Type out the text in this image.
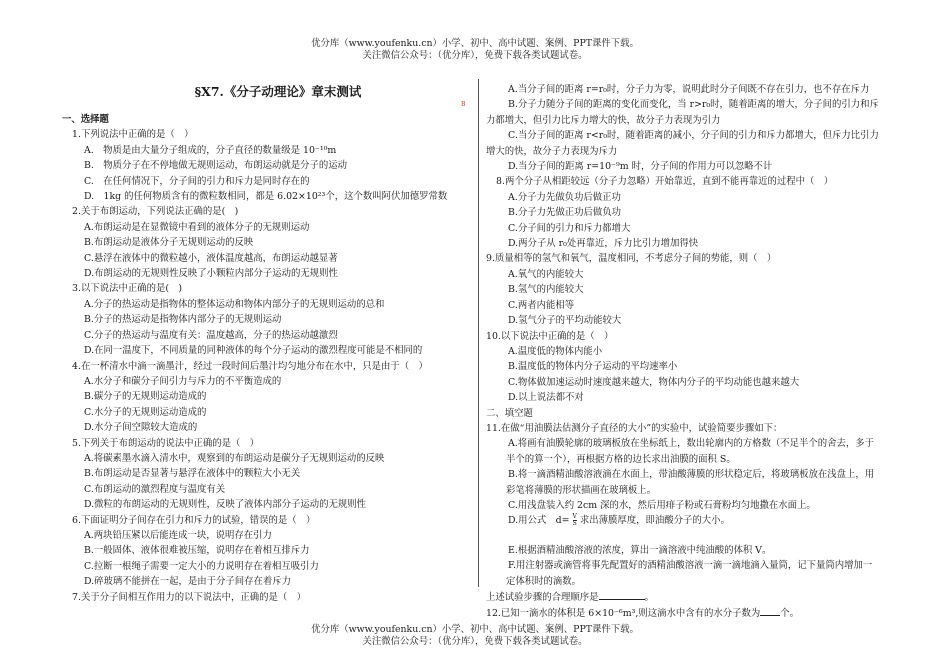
优分库（www.youfenku.cn）小学、初中、高中试题、案例、PPT课件下载。
关注微信公众号：（优分库），免费下载各类试题试卷。
B
§X7.《分子动理论》章末测试
一、选择题
1.下列说法中正确的是（　）
A.　物质是由大量分子组成的，分子直径的数量级是 10⁻¹⁰m
B.　物质分子在不停地做无规则运动，布朗运动就是分子的运动
C.　在任何情况下，分子间的引力和斥力是同时存在的
D.　1kg 的任何物质含有的微粒数相同，都是 6.02×10²³个，这个数叫阿伏加德罗常数
2.关于布朗运动，下列说法正确的是(　)
A.布朗运动是在显微镜中看到的液体分子的无规则运动
B.布朗运动是液体分子无规则运动的反映
C.悬浮在液体中的微粒越小，液体温度越高，布朗运动越显著
D.布朗运动的无规则性反映了小颗粒内部分子运动的无规则性
3.以下说法中正确的是(　)
A.分子的热运动是指物体的整体运动和物体内部分子的无规则运动的总和
B.分子的热运动是指物体内部分子的无规则运动
C.分子的热运动与温度有关：温度越高，分子的热运动越激烈
D.在同一温度下，不同质量的同种液体的每个分子运动的激烈程度可能是不相同的
4.在一杯清水中滴一滴墨汁，经过一段时间后墨汁均匀地分布在水中，只是由于（　）
A.水分子和碳分子间引力与斥力的不平衡造成的
B.碳分子的无规则运动造成的
C.水分子的无规则运动造成的
D.水分子间空隙较大造成的
5.下列关于布朗运动的说法中正确的是（　）
A.将碳素墨水滴入清水中，观察到的布朗运动是碳分子无规则运动的反映
B.布朗运动是否显著与悬浮在液体中的颗粒大小无关
C.布朗运动的激烈程度与温度有关
D.微粒的布朗运动的无规则性，反映了液体内部分子运动的无规则性
6.下面证明分子间存在引力和斥力的试验，错误的是（　）
A.两块铅压紧以后能连成一块，说明存在引力
B.一般固体、液体很难被压缩，说明存在着相互排斥力
C.拉断一根绳子需要一定大小的力说明存在着相互吸引力
D.碎玻璃不能拼在一起，是由于分子间存在着斥力
7.关于分子间相互作用力的以下说法中，正确的是（　）
A.当分子间的距离 r=r₀时，分子力为零，说明此时分子间既不存在引力，也不存在斥力
B.分子力随分子间的距离的变化而变化，当 r>r₀时，随着距离的增大，分子间的引力和斥
力都增大，但引力比斥力增大的快，故分子力表现为引力
C.当分子间的距离 r<r₀时，随着距离的减小，分子间的引力和斥力都增大，但斥力比引力
增大的快，故分子力表现为斥力
D.当分子间的距离 r=10⁻⁹m 时，分子间的作用力可以忽略不计
8.两个分子从相距较远（分子力忽略）开始靠近，直到不能再靠近的过程中（　）
A.分子力先做负功后做正功
B.分子力先做正功后做负功
C.分子间的引力和斥力都增大
D.两分子从 r₀处再靠近，斥力比引力增加得快
9.质量相等的氢气和氧气，温度相同，不考虑分子间的势能，则（　）
A.氧气的内能较大
B.氢气的内能较大
C.两者内能相等
D.氢气分子的平均动能较大
10.以下说法中正确的是（　）
A.温度低的物体内能小
B.温度低的物体内分子运动的平均速率小
C.物体做加速运动时速度越来越大，物体内分子的平均动能也越来越大
D.以上说法都不对
二、填空题
11.在做“用油膜法估测分子直径的大小”的实验中，试验简要步骤如下：
A.将画有油膜轮廓的玻璃板放在坐标纸上，数出轮廓内的方格数（不足半个的舍去，多于
半个的算一个），再根据方格的边长求出油膜的面积 S。
B.将一滴酒精油酸溶液滴在水面上，带油酸薄膜的形状稳定后，将玻璃板放在浅盘上，用
彩笔将薄膜的形状描画在玻璃板上。
C.用浅盘装入约 2cm 深的水，然后用痱子粉或石膏粉均匀地撒在水面上。
D.用公式　$d= \frac{V}{S}$ 求出薄膜厚度，即油酸分子的大小。
E.根据酒精油酸溶液的浓度，算出一滴溶液中纯油酸的体积 V。
F.用注射器或滴管将事先配置好的酒精油酸溶液一滴一滴地滴入量筒，记下量筒内增加一
定体积时的滴数。
上述试验步骤的合理顺序是	。
12.已知一滴水的体积是 6×10⁻⁶m³,则这滴水中含有的水分子数为 个。
优分库（www.youfenku.cn）小学、初中、高中试题、案例、PPT课件下载。
关注微信公众号：（优分库），免费下载各类试题试卷。
